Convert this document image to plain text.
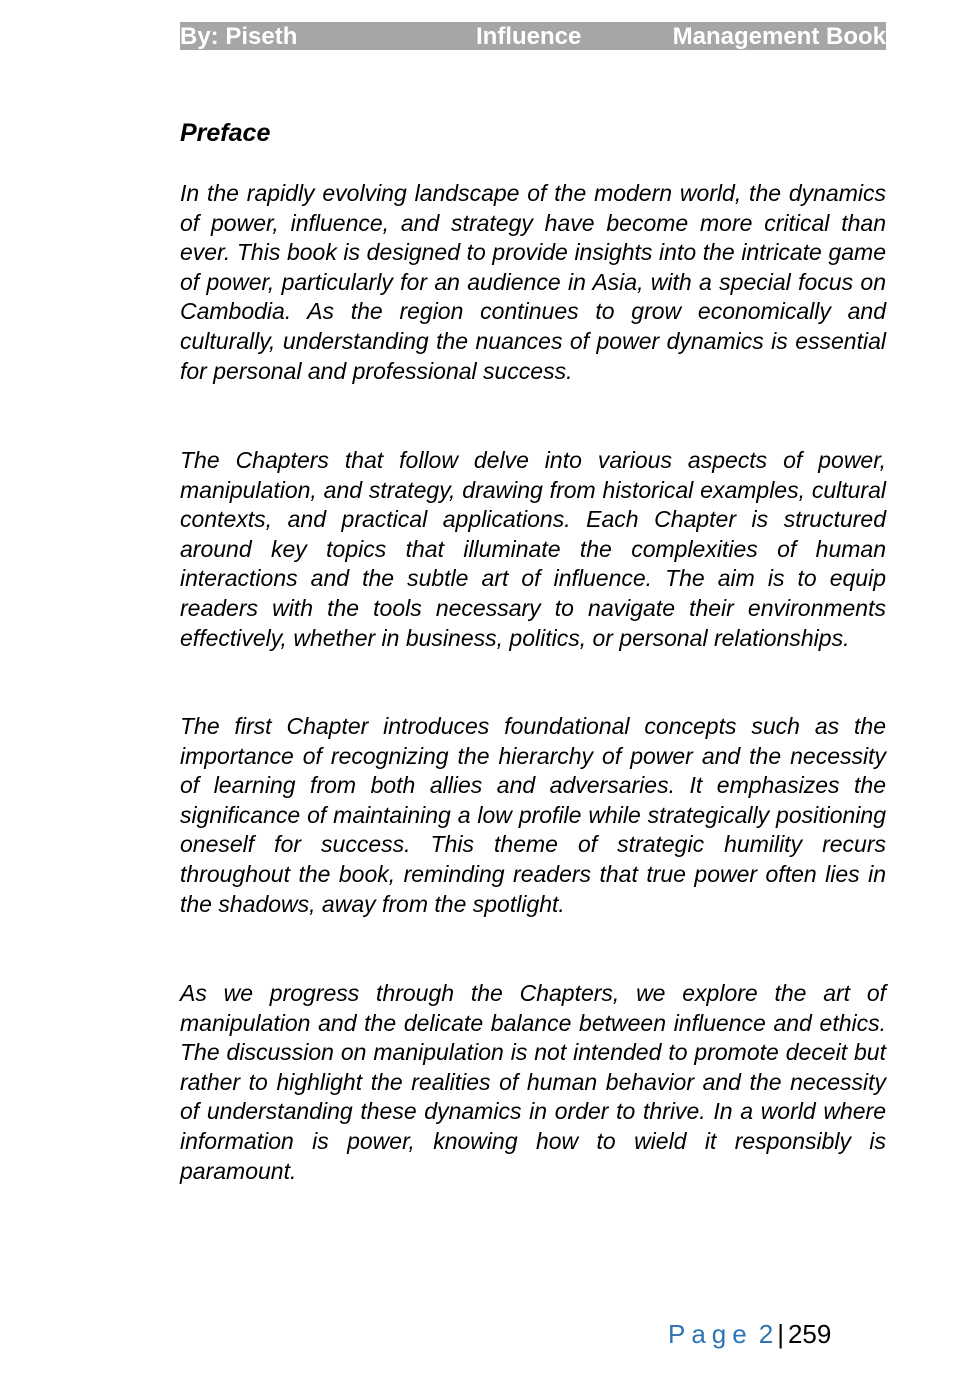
By: Piseth	Influence	Management Book
Preface

In the rapidly evolving landscape of the modern world, the dynamics of power, influence, and strategy have become more critical than ever. This book is designed to provide insights into the intricate game of power, particularly for an audience in Asia, with a special focus on Cambodia. As the region continues to grow economically and culturally, understanding the nuances of power dynamics is essential for personal and professional success.

The Chapters that follow delve into various aspects of power, manipulation, and strategy, drawing from historical examples, cultural contexts, and practical applications. Each Chapter is structured around key topics that illuminate the complexities of human interactions and the subtle art of influence. The aim is to equip readers with the tools necessary to navigate their environments effectively, whether in business, politics, or personal relationships.

The first Chapter introduces foundational concepts such as the importance of recognizing the hierarchy of power and the necessity of learning from both allies and adversaries. It emphasizes the significance of maintaining a low profile while strategically positioning oneself for success. This theme of strategic humility recurs throughout the book, reminding readers that true power often lies in the shadows, away from the spotlight.

As we progress through the Chapters, we explore the art of manipulation and the delicate balance between influence and ethics. The discussion on manipulation is not intended to promote deceit but rather to highlight the realities of human behavior and the necessity of understanding these dynamics in order to thrive. In a world where information is power, knowing how to wield it responsibly is paramount.

Page 2 | 259
